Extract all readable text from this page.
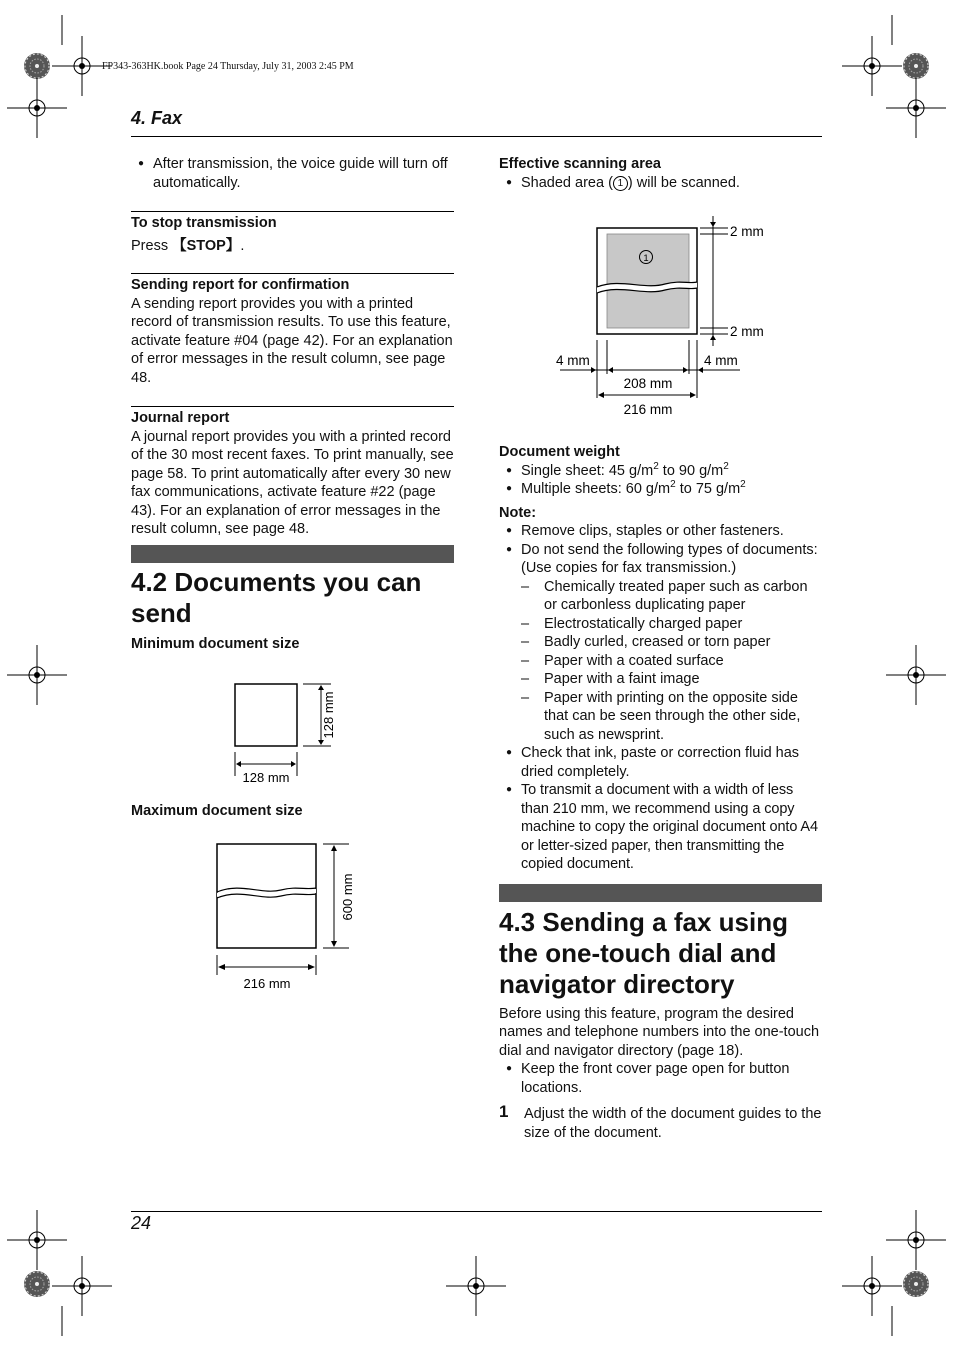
FP343-363HK.book Page 24 Thursday, July 31, 2003 2:45 PM
4. Fax

● After transmission, the voice guide will turn off automatically.

To stop transmission

Press 【STOP】.

Sending report for confirmation

A sending report provides you with a printed record of transmission results. To use this feature, activate feature #04 (page 42). For an explanation of error messages in the result column, see page 48.

Journal report

A journal report provides you with a printed record of the 30 most recent faxes. To print manually, see page 58. To print automatically after every 30 new fax communications, activate feature #22 (page 43). For an explanation of error messages in the result column, see page 48.

4.2 Documents you can send

Minimum document size

128 mm
128 mm
Maximum document size
600 mm
216 mm

Effective scanning area

● Shaded area ( 1 ) will be scanned.

1
2 mm
2 mm
4 mm	4 mm
208 mm
216 mm

Document weight

● Single sheet: 45 $g/m^2$ to 90 $g/m^2$

● Multiple sheets: 60 $g/m^2$ to 75 $g/m^2$

Note:

● Remove clips, staples or other fasteners.

● Do not send the following types of documents: (Use copies for fax transmission.)

– Chemically treated paper such as carbon or carbonless duplicating paper

– Electrostatically charged paper

– Badly curled, creased or torn paper

– Paper with a coated surface

– Paper with a faint image

– Paper with printing on the opposite side that can be seen through the other side, such as newsprint.

● Check that ink, paste or correction fluid has dried completely.

● To transmit a document with a width of less than 210 mm, we recommend using a copy machine to copy the original document onto A4 or letter-sized paper, then transmitting the copied document.

4.3 Sending a fax using the one-touch dial and navigator directory

Before using this feature, program the desired names and telephone numbers into the one-touch dial and navigator directory (page 18).

● Keep the front cover page open for button locations.

1 Adjust the width of the document guides to the size of the document.

24
